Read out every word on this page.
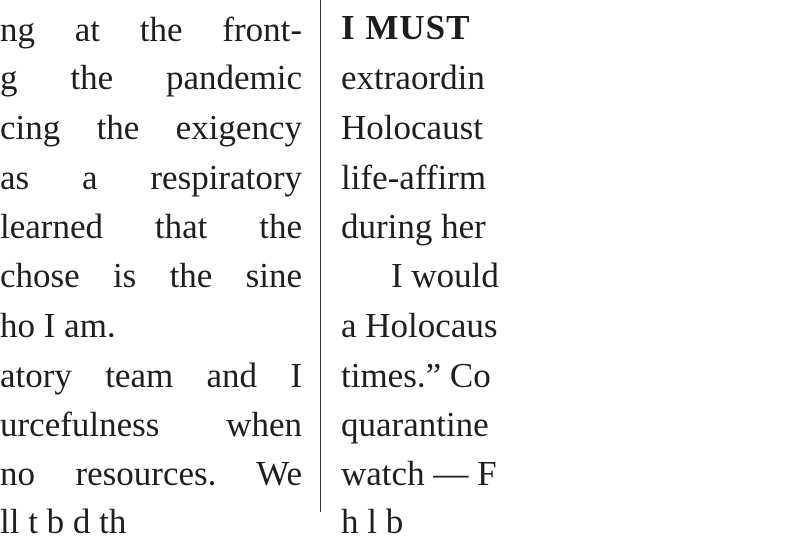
ng at the front-
g the pandemic
cing the exigency
as a respiratory
learned that the
chose is the sine
ho I am.
atory team and I
urcefulness when
no resources. We
ll t b d th
I MUST
extraordin
Holocaust
life-affirm
during her
I would
a Holocaus
times.” Co
quarantine
watch — F
h l b
